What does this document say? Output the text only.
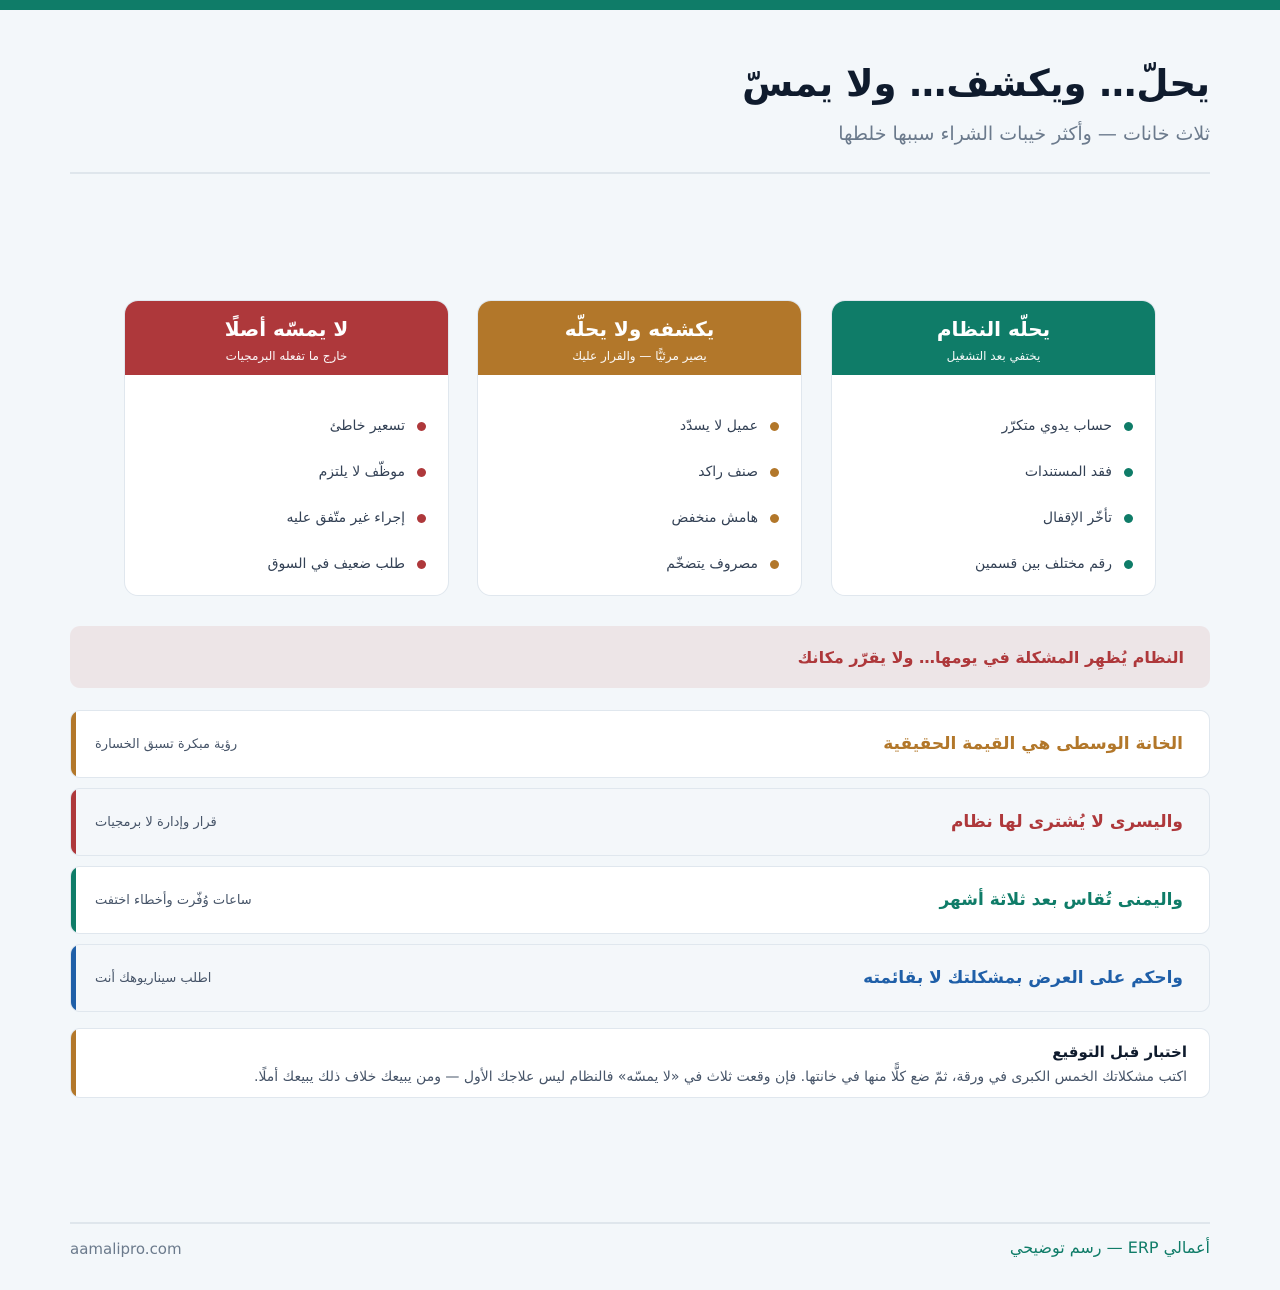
يحلّ… ويكشف… ولا يمسّ

ثلاث خانات — وأكثر خيبات الشراء سببها خلطها

يحلّه النظام
يختفي بعد التشغيل
حساب يدوي متكرّر
فقد المستندات
تأخّر الإقفال
رقم مختلف بين قسمين
يكشفه ولا يحلّه
يصير مرئيًّا — والقرار عليك
عميل لا يسدّد
صنف راكد
هامش منخفض
مصروف يتضخّم
لا يمسّه أصلًا
خارج ما تفعله البرمجيات
تسعير خاطئ
موظّف لا يلتزم
إجراء غير متّفق عليه
طلب ضعيف في السوق
النظام يُظهِر المشكلة في يومها… ولا يقرّر مكانك
الخانة الوسطى هي القيمة الحقيقية
رؤية مبكرة تسبق الخسارة
واليسرى لا يُشترى لها نظام
قرار وإدارة لا برمجيات
واليمنى تُقاس بعد ثلاثة أشهر
ساعات وُفّرت وأخطاء اختفت
واحكم على العرض بمشكلتك لا بقائمته
اطلب سيناريوهك أنت
اختبار قبل التوقيع
اكتب مشكلاتك الخمس الكبرى في ورقة، ثمّ ضع كلًّا منها في خانتها. فإن وقعت ثلاث في «لا يمسّه» فالنظام ليس علاجك الأول — ومن يبيعك خلاف ذلك يبيعك أملًا.
أعمالي ERP — رسم توضيحي
aamalipro.com
